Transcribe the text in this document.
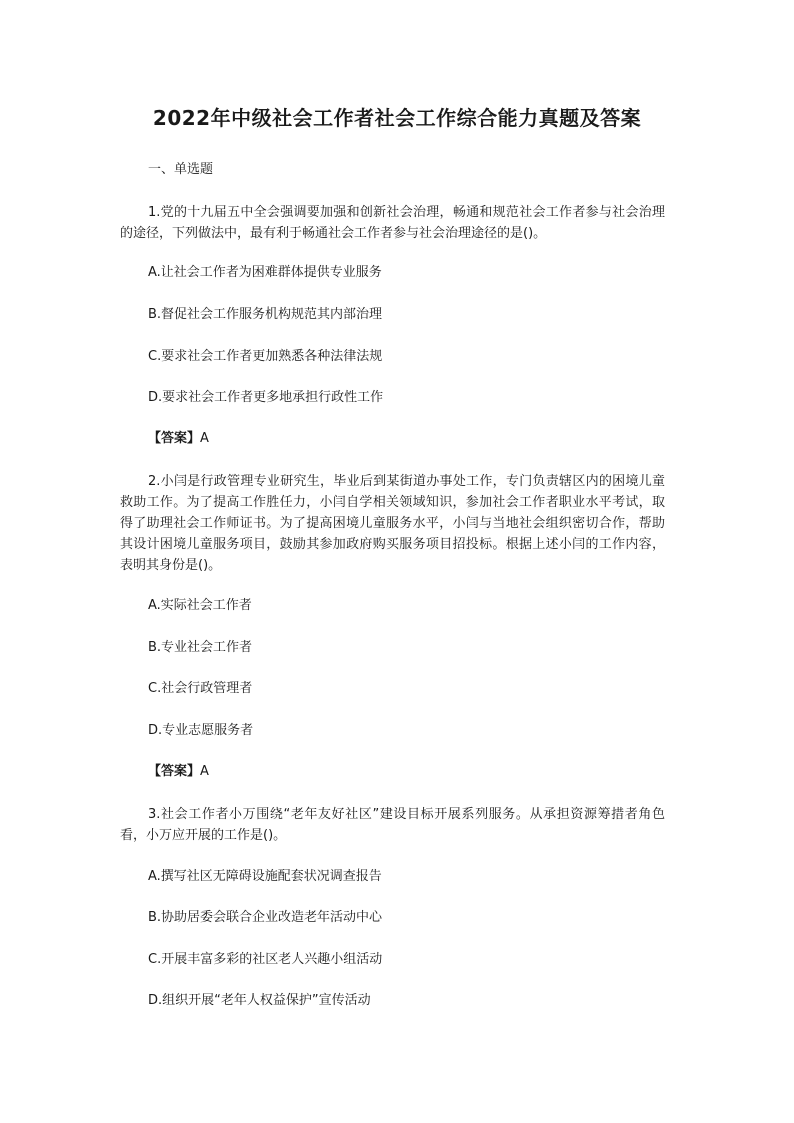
2022年中级社会工作者社会工作综合能力真题及答案
一、单选题
1.党的十九届五中全会强调要加强和创新社会治理，畅通和规范社会工作者参与社会治理的途径，下列做法中，最有利于畅通社会工作者参与社会治理途径的是()。
A.让社会工作者为困难群体提供专业服务
B.督促社会工作服务机构规范其内部治理
C.要求社会工作者更加熟悉各种法律法规
D.要求社会工作者更多地承担行政性工作
【答案】A
2.小闫是行政管理专业研究生，毕业后到某街道办事处工作，专门负责辖区内的困境儿童救助工作。为了提高工作胜任力，小闫自学相关领域知识，参加社会工作者职业水平考试，取得了助理社会工作师证书。为了提高困境儿童服务水平，小闫与当地社会组织密切合作，帮助其设计困境儿童服务项目，鼓励其参加政府购买服务项目招投标。根据上述小闫的工作内容，表明其身份是()。
A.实际社会工作者
B.专业社会工作者
C.社会行政管理者
D.专业志愿服务者
【答案】A
3.社会工作者小万围绕“老年友好社区”建设目标开展系列服务。从承担资源筹措者角色看，小万应开展的工作是()。
A.撰写社区无障碍设施配套状况调查报告
B.协助居委会联合企业改造老年活动中心
C.开展丰富多彩的社区老人兴趣小组活动
D.组织开展“老年人权益保护”宣传活动
